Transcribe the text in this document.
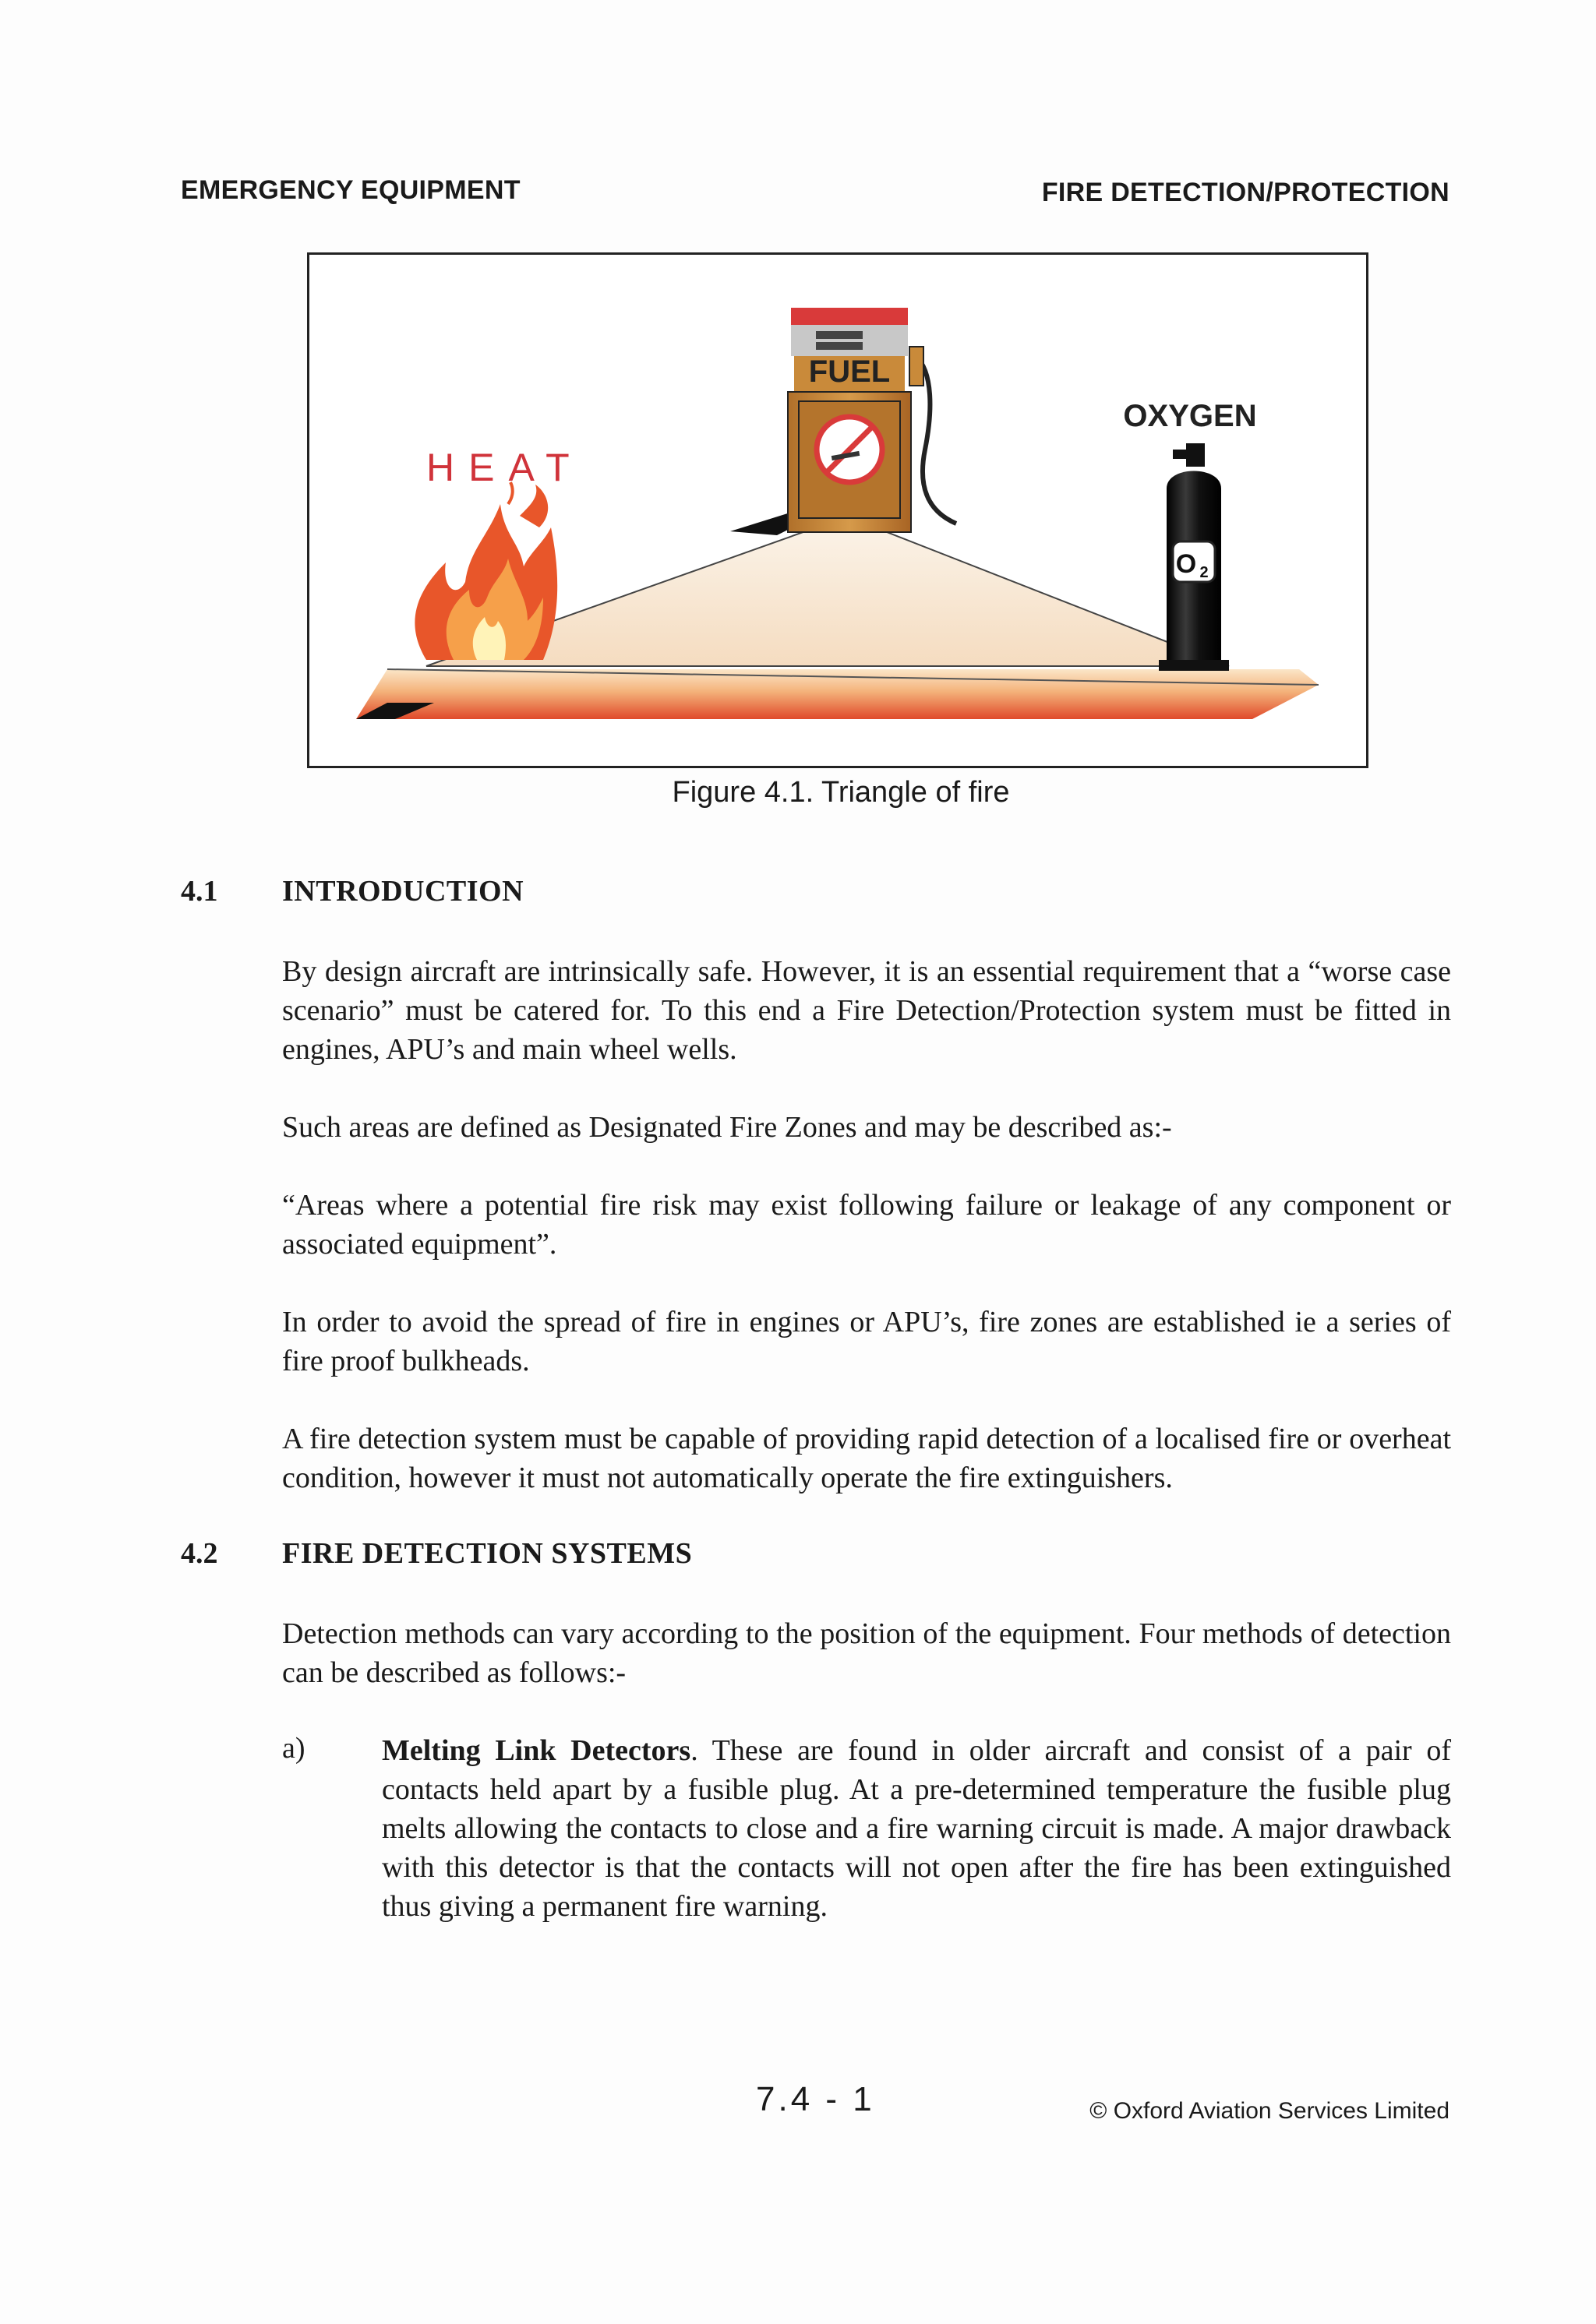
EMERGENCY EQUIPMENT	FIRE DETECTION/PROTECTION
HEAT
FUEL
OXYGEN
O 2
Figure 4.1. Triangle of fire
4.1 INTRODUCTION

By design aircraft are intrinsically safe. However, it is an essential requirement that a “worse case scenario” must be catered for. To this end a Fire Detection/Protection system must be fitted in engines, APU’s and main wheel wells.

Such areas are defined as Designated Fire Zones and may be described as:-

“Areas where a potential fire risk may exist following failure or leakage of any component or associated equipment”.

In order to avoid the spread of fire in engines or APU’s, fire zones are established ie a series of fire proof bulkheads.

A fire detection system must be capable of providing rapid detection of a localised fire or overheat condition, however it must not automatically operate the fire extinguishers.

4.2 FIRE DETECTION SYSTEMS

Detection methods can vary according to the position of the equipment. Four methods of detection can be described as follows:-

a)	Melting Link Detectors. These are found in older aircraft and consist of a pair of contacts held apart by a fusible plug. At a pre-determined temperature the fusible plug melts allowing the contacts to close and a fire warning circuit is made. A major drawback with this detector is that the contacts will not open after the fire has been extinguished thus giving a permanent fire warning.

7.4 - 1	© Oxford Aviation Services Limited
